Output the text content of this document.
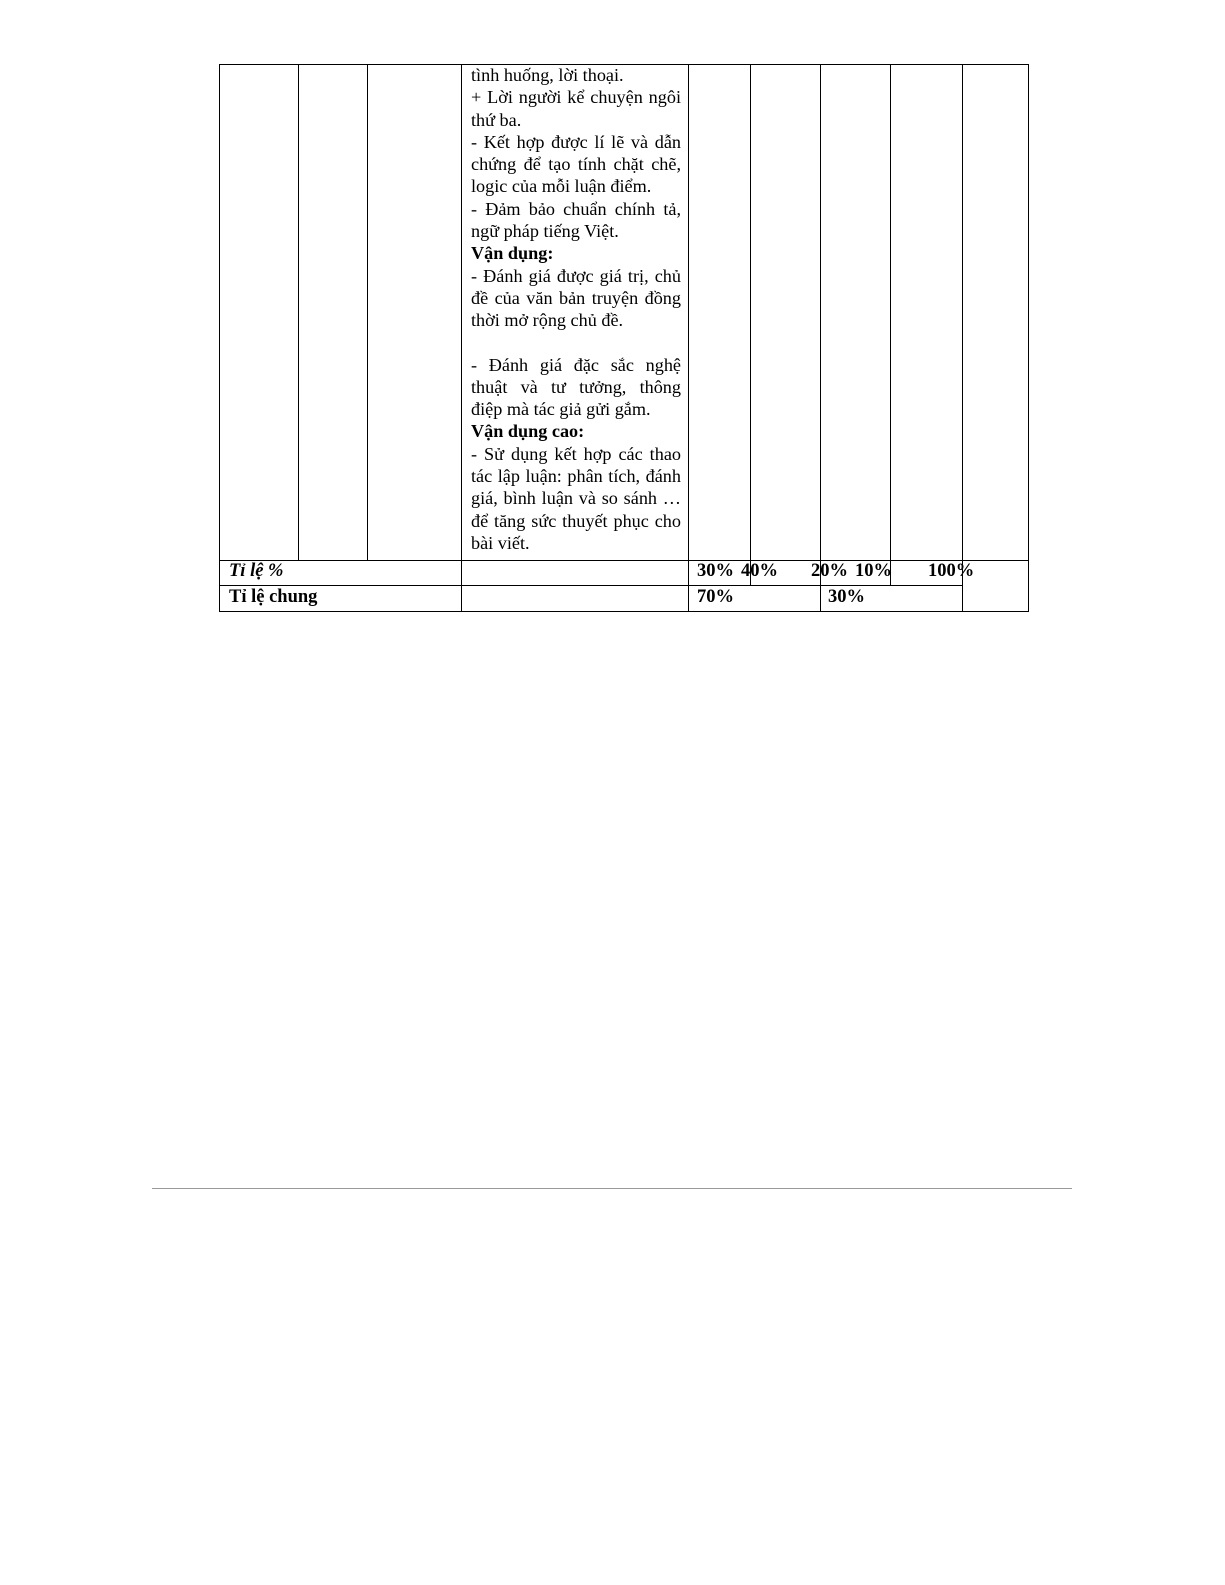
tình huống, lời thoại.

+ Lời người kể chuyện ngôi thứ ba.

- Kết hợp được lí lẽ và dẫn chứng để tạo tính chặt chẽ, logic của mỗi luận điểm.

- Đảm bảo chuẩn chính tả, ngữ pháp tiếng Việt.

Vận dụng:

- Đánh giá được giá trị, chủ đề của văn bản truyện đồng thời mở rộng chủ đề.

- Đánh giá đặc sắc nghệ thuật và tư tưởng, thông điệp mà tác giả gửi gắm.

Vận dụng cao:

- Sử dụng kết hợp các thao tác lập luận: phân tích, đánh giá, bình luận và so sánh … để tăng sức thuyết phục cho bài viết.

Tỉ lệ %	30% 40% 20% 10% 100%
Tỉ lệ chung	70%	30%
